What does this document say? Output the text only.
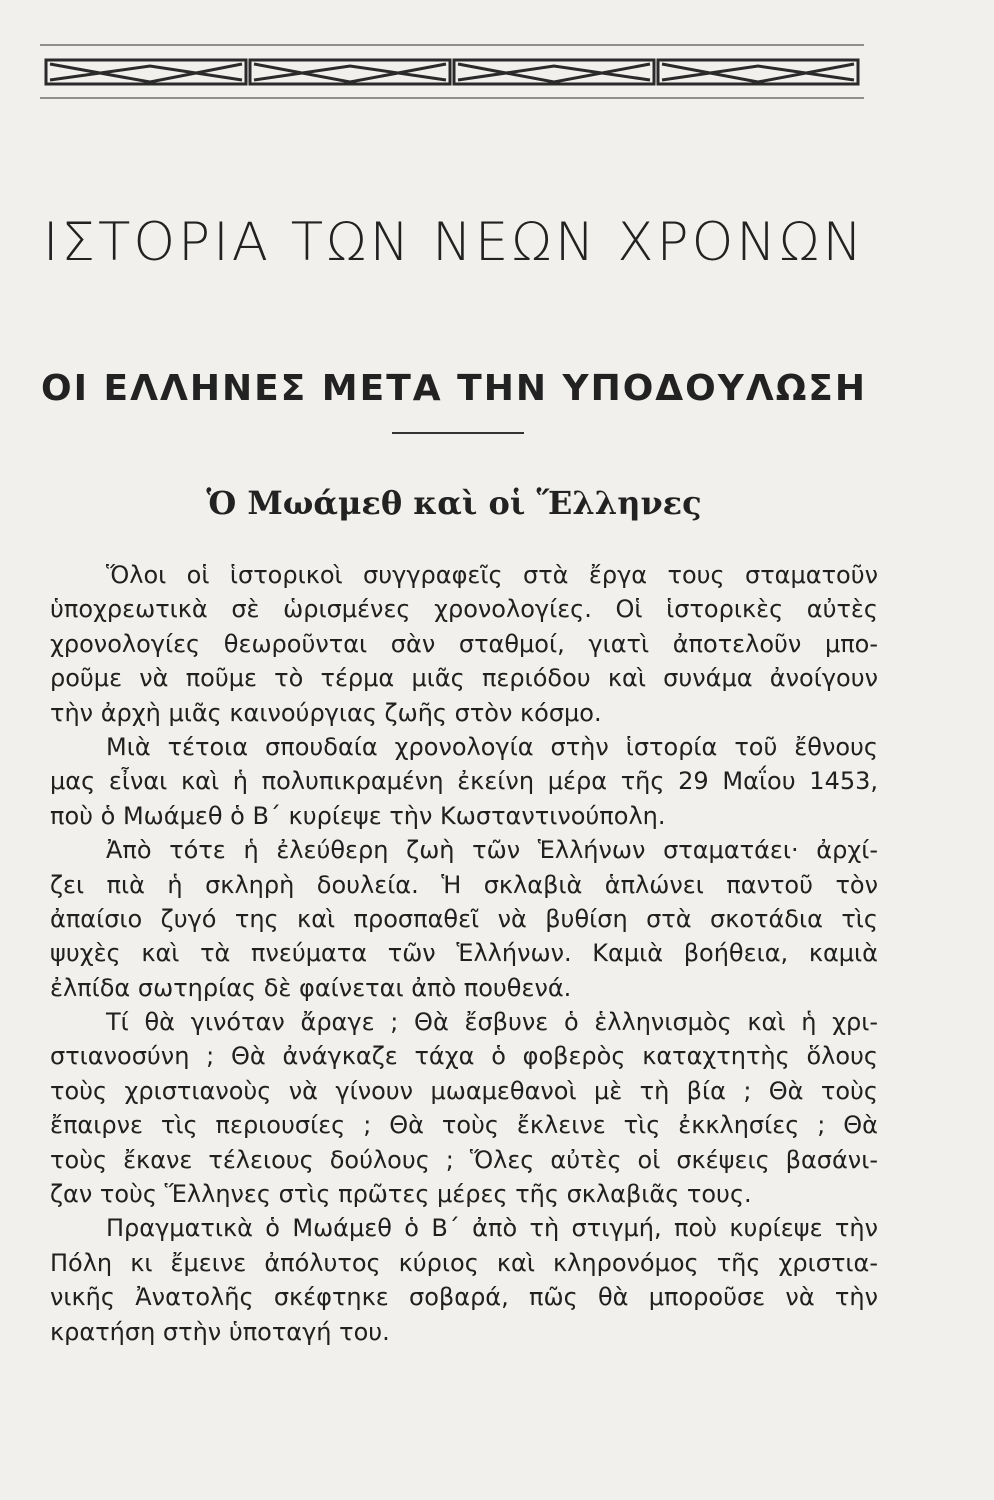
ΙΣΤΟΡΙΑ ΤΩΝ ΝΕΩΝ ΧΡΟΝΩΝ
ΟΙ ΕΛΛΗΝΕΣ ΜΕΤΑ ΤΗΝ ΥΠΟΔΟΥΛΩΣΗ
Ὁ Μωάμεθ καὶ οἱ Ἕλληνες
Ὅλοι οἱ ἱστορικοὶ συγγραφεῖς στὰ ἔργα τους σταματοῦν
ὑποχρεωτικὰ σὲ ὡρισμένες χρονολογίες. Οἱ ἱστορικὲς αὐτὲς
χρονολογίες θεωροῦνται σὰν σταθμοί, γιατὶ ἀποτελοῦν μπο-
ροῦμε νὰ ποῦμε τὸ τέρμα μιᾶς περιόδου καὶ συνάμα ἀνοίγουν
τὴν ἀρχὴ μιᾶς καινούργιας ζωῆς στὸν κόσμο.
Μιὰ τέτοια σπουδαία χρονολογία στὴν ἱστορία τοῦ ἔθνους
μας εἶναι καὶ ἡ πολυπικραμένη ἐκείνη μέρα τῆς 29 Μαΐου 1453,
ποὺ ὁ Μωάμεθ ὁ Β΄ κυρίεψε τὴν Κωσταντινούπολη.
Ἀπὸ τότε ἡ ἐλεύθερη ζωὴ τῶν Ἑλλήνων σταματάει· ἀρχί-
ζει πιὰ ἡ σκληρὴ δουλεία. Ἡ σκλαβιὰ ἁπλώνει παντοῦ τὸν
ἀπαίσιο ζυγό της καὶ προσπαθεῖ νὰ βυθίση στὰ σκοτάδια τὶς
ψυχὲς καὶ τὰ πνεύματα τῶν Ἑλλήνων. Καμιὰ βοήθεια, καμιὰ
ἐλπίδα σωτηρίας δὲ φαίνεται ἀπὸ πουθενά.
Τί θὰ γινόταν ἄραγε ; Θὰ ἔσβυνε ὁ ἑλληνισμὸς καὶ ἡ χρι-
στιανοσύνη ; Θὰ ἀνάγκαζε τάχα ὁ φοβερὸς καταχτητὴς ὅλους
τοὺς χριστιανοὺς νὰ γίνουν μωαμεθανοὶ μὲ τὴ βία ; Θὰ τοὺς
ἔπαιρνε τὶς περιουσίες ; Θὰ τοὺς ἔκλεινε τὶς ἐκκλησίες ; Θὰ
τοὺς ἔκανε τέλειους δούλους ; Ὅλες αὐτὲς οἱ σκέψεις βασάνι-
ζαν τοὺς Ἕλληνες στὶς πρῶτες μέρες τῆς σκλαβιᾶς τους.
Πραγματικὰ ὁ Μωάμεθ ὁ Β΄ ἀπὸ τὴ στιγμή, ποὺ κυρίεψε τὴν
Πόλη κι ἔμεινε ἀπόλυτος κύριος καὶ κληρονόμος τῆς χριστια-
νικῆς Ἀνατολῆς σκέφτηκε σοβαρά, πῶς θὰ μποροῦσε νὰ τὴν
κρατήση στὴν ὑποταγή του.
